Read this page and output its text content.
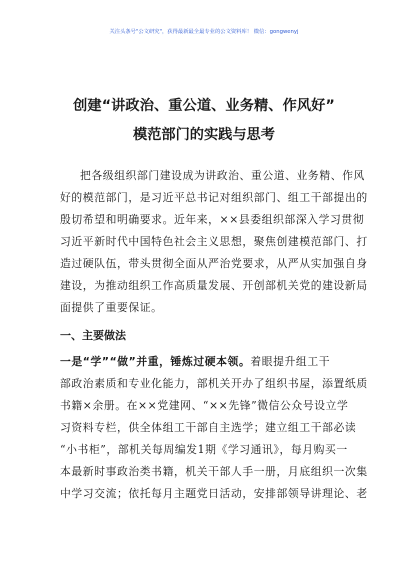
关注头条号"公文研究"，获得最新最全最专业的公文资料库！ 微信：gongwenyj
创建“讲政治、重公道、业务精、作风好”
模范部门的实践与思考
把各级组织部门建设成为讲政治、重公道、业务精、作风
好的模范部门，是习近平总书记对组织部门、组工干部提出的
殷切希望和明确要求。近年来，××县委组织部深入学习贯彻
习近平新时代中国特色社会主义思想，聚焦创建模范部门、打
造过硬队伍，带头贯彻全面从严治党要求，从严从实加强自身
建设，为推动组织工作高质量发展、开创部机关党的建设新局
面提供了重要保证。
一、主要做法
一是“学”“做”并重，锤炼过硬本领。着眼提升组工干
部政治素质和专业化能力，部机关开办了组织书屋，添置纸质
书籍×余册。在××党建网、“××先锋”微信公众号设立学
习资料专栏，供全体组工干部自主选学；建立组工干部必读
“小书柜”，部机关每周编发1期《学习通讯》，每月购买一
本最新时事政治类书籍，机关干部人手一册，月底组织一次集
中学习交流；依托每月主题党日活动，安排部领导讲理论、老
